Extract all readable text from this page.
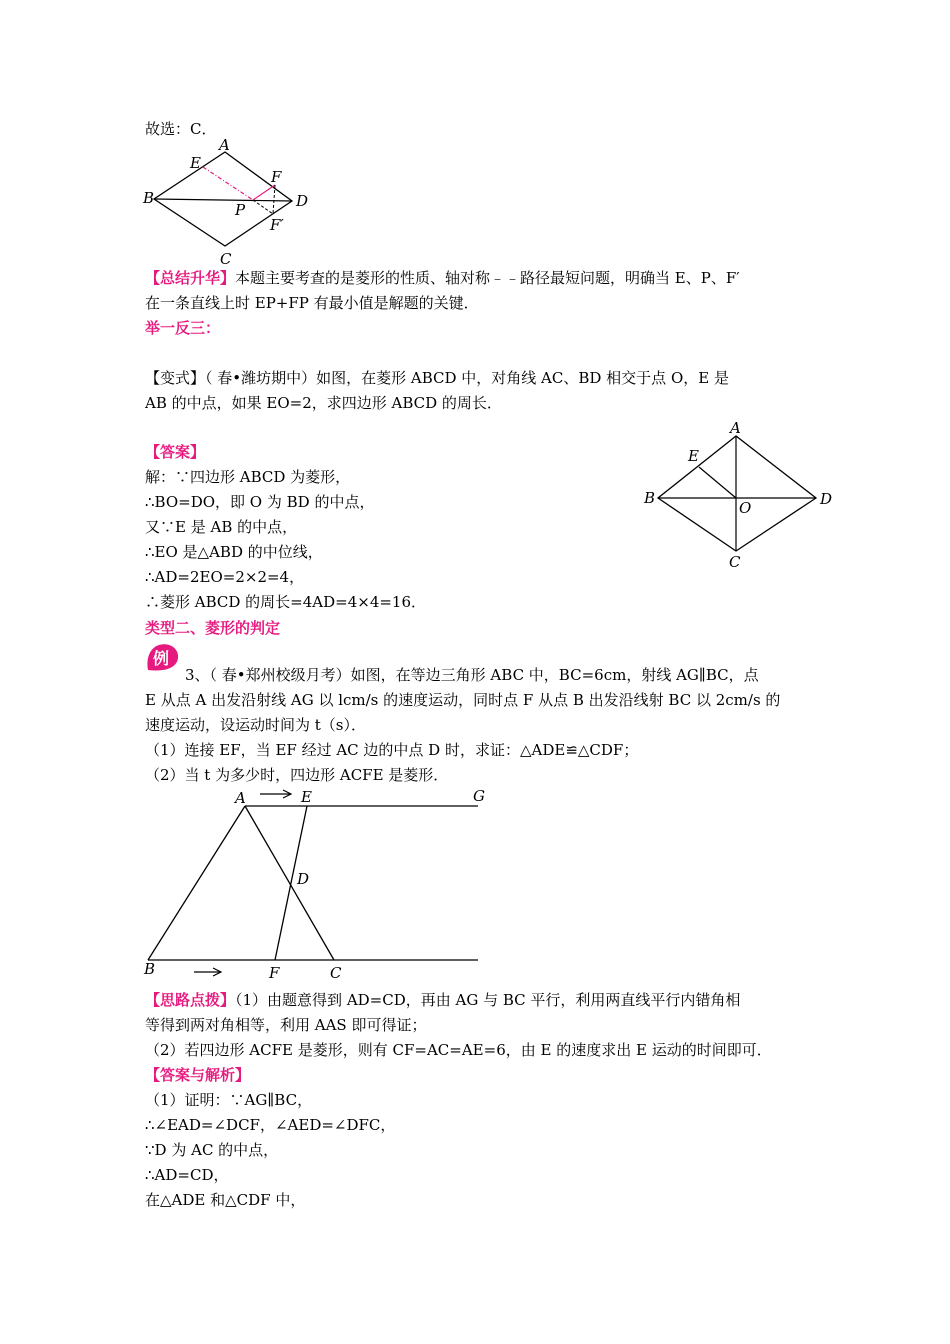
故选：C．
A
E
F
B
P	D
F′
C
【总结升华】本题主要考查的是菱形的性质、轴对称﹣﹣路径最短问题，明确当 E、P、F′
在一条直线上时 EP+FP 有最小值是解题的关键．
举一反三：
【变式】（ 春•潍坊期中）如图，在菱形 ABCD 中，对角线 AC、BD 相交于点 O，E 是
AB 的中点，如果 EO=2，求四边形 ABCD 的周长．
【答案】
解：∵四边形 ABCD 为菱形，
∴BO=DO，即 O 为 BD 的中点，
又∵E 是 AB 的中点，
∴EO 是△ABD 的中位线，
∴AD=2EO=2×2=4，
∴菱形 ABCD 的周长=4AD=4×4=16．
A
E
B	D
O
C
类型二、菱形的判定
例
3、（ 春•郑州校级月考）如图，在等边三角形 ABC 中，BC=6cm，射线 AG∥BC，点
E 从点 A 出发沿射线 AG 以 lcm/s 的速度运动，同时点 F 从点 B 出发沿线射 BC 以 2cm/s 的
速度运动，设运动时间为 t（s）．
（1）连接 EF，当 EF 经过 AC 边的中点 D 时，求证：△ADE≌△CDF；
（2）当 t 为多少时，四边形 ACFE 是菱形．
A	E	G
D
B	F	C
【思路点拨】（1）由题意得到 AD=CD，再由 AG 与 BC 平行，利用两直线平行内错角相
等得到两对角相等，利用 AAS 即可得证；
（2）若四边形 ACFE 是菱形，则有 CF=AC=AE=6，由 E 的速度求出 E 运动的时间即可．
【答案与解析】
（1）证明：∵AG∥BC，
∴∠EAD=∠DCF，∠AED=∠DFC，
∵D 为 AC 的中点，
∴AD=CD，
在△ADE 和△CDF 中，
